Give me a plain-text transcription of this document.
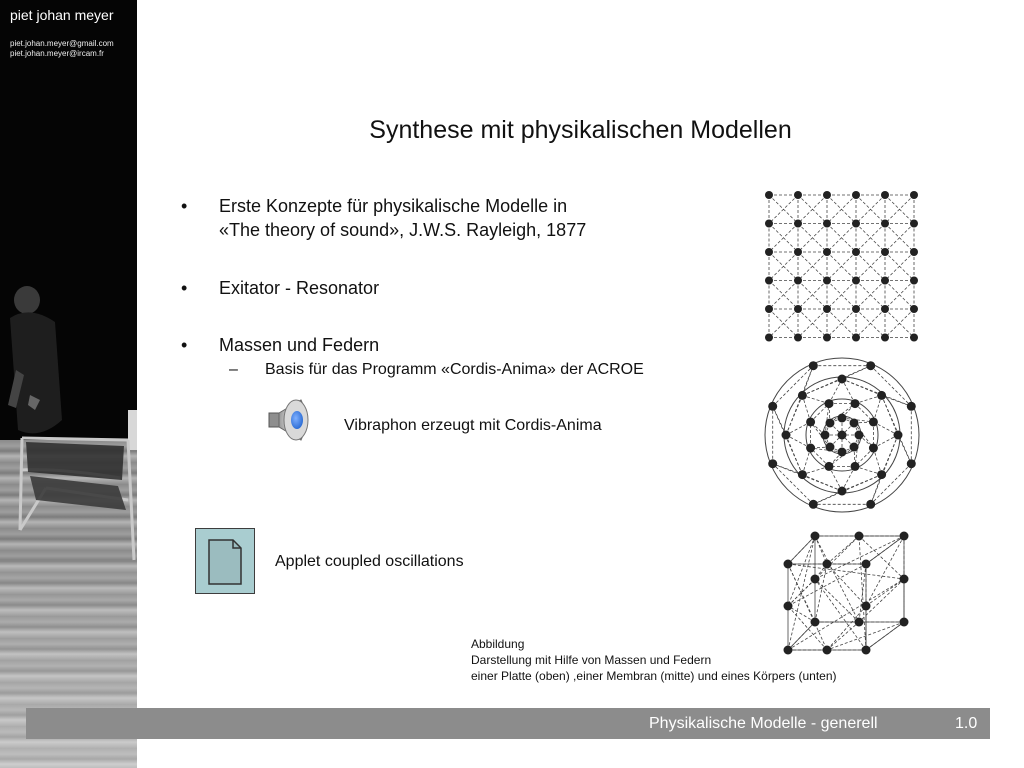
piet johan meyer
piet.johan.meyer@gmail.com
piet.johan.meyer@ircam.fr
Synthese mit physikalischen Modellen
• Erste Konzepte für physikalische Modelle in
«The theory of sound», J.W.S. Rayleigh, 1877
• Exitator - Resonator
• Massen und Federn
– Basis für das Programm «Cordis-Anima» der ACROE
Vibraphon erzeugt mit Cordis-Anima
Applet coupled oscillations
Abbildung
Darstellung mit Hilfe von Massen und Federn
einer Platte (oben) ,einer Membran (mitte) und eines Körpers (unten)
Physikalische Modelle - generell	1.0
